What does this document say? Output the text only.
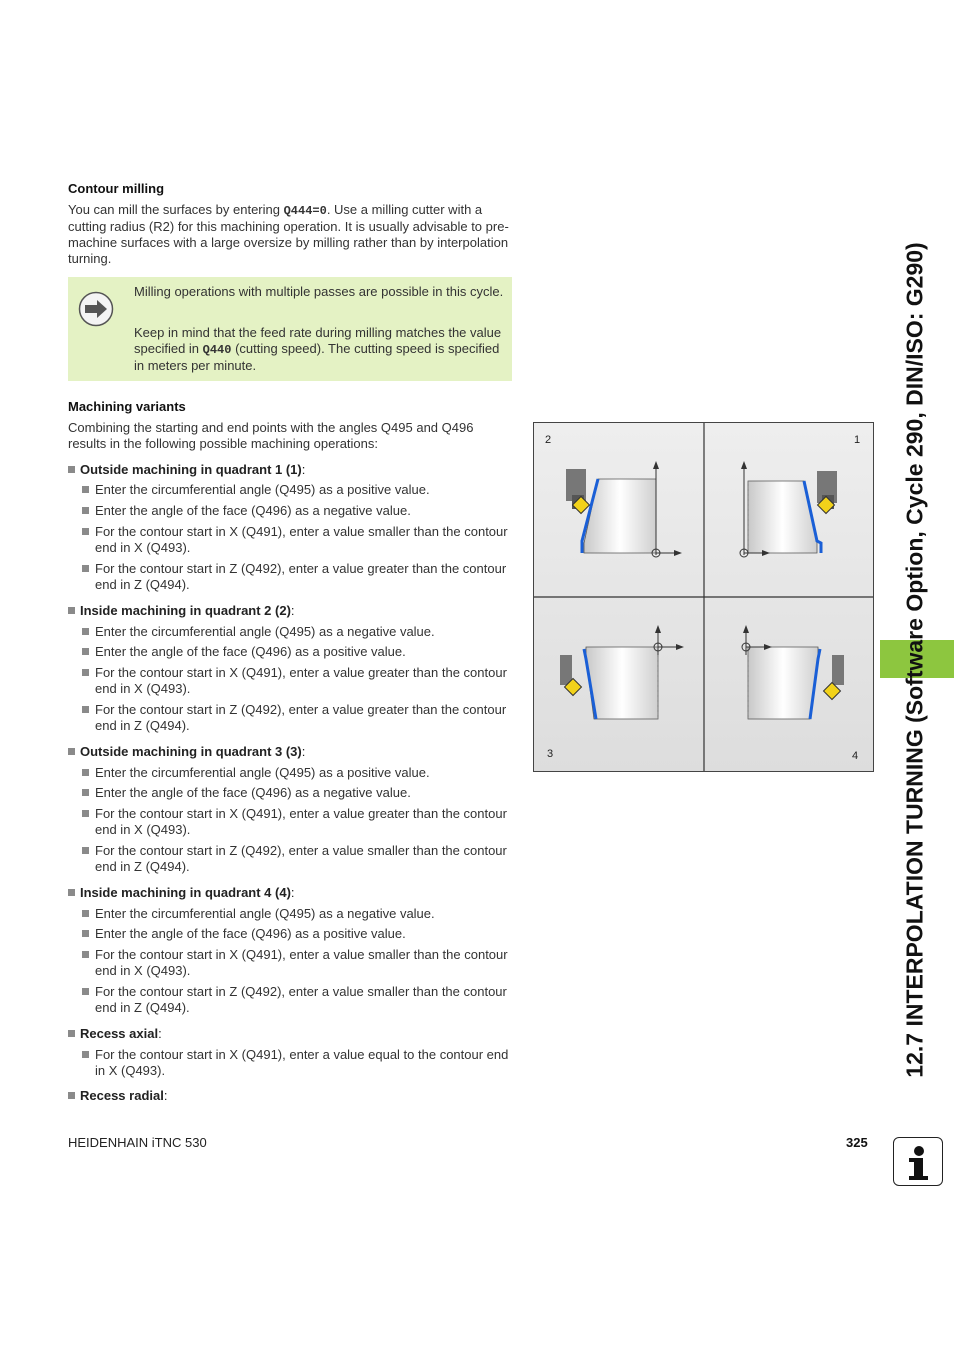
Contour milling
You can mill the surfaces by entering Q444=0. Use a milling cutter with a cutting radius (R2) for this machining operation. It is usually advisable to pre-machine surfaces with a large oversize by milling rather than by interpolation turning.
Milling operations with multiple passes are possible in this cycle.
Keep in mind that the feed rate during milling matches the value specified in Q440 (cutting speed). The cutting speed is specified in meters per minute.
Machining variants
Combining the starting and end points with the angles Q495 and Q496 results in the following possible machining operations:
Outside machining in quadrant 1 (1):
Enter the circumferential angle (Q495) as a positive value.
Enter the angle of the face (Q496) as a negative value.
For the contour start in X (Q491), enter a value smaller than the contour end in X (Q493).
For the contour start in Z (Q492), enter a value greater than the contour end in Z (Q494).
Inside machining in quadrant 2 (2):
Enter the circumferential angle (Q495) as a negative value.
Enter the angle of the face (Q496) as a positive value.
For the contour start in X (Q491), enter a value greater than the contour end in X (Q493).
For the contour start in Z (Q492), enter a value greater than the contour end in Z (Q494).
Outside machining in quadrant 3 (3):
Enter the circumferential angle (Q495) as a positive value.
Enter the angle of the face (Q496) as a negative value.
For the contour start in X (Q491), enter a value greater than the contour end in X (Q493).
For the contour start in Z (Q492), enter a value smaller than the contour end in Z (Q494).
Inside machining in quadrant 4 (4):
Enter the circumferential angle (Q495) as a negative value.
Enter the angle of the face (Q496) as a positive value.
For the contour start in X (Q491), enter a value smaller than the contour end in X (Q493).
For the contour start in Z (Q492), enter a value smaller than the contour end in Z (Q494).
Recess axial:
For the contour start in X (Q491), enter a value equal to the contour end in X (Q493).
Recess radial:
2	1
3	4 12.7 INTERPOLATION TURNING (Software Option, Cycle 290, DIN/ISO: G290)
HEIDENHAIN iTNC 530	325
